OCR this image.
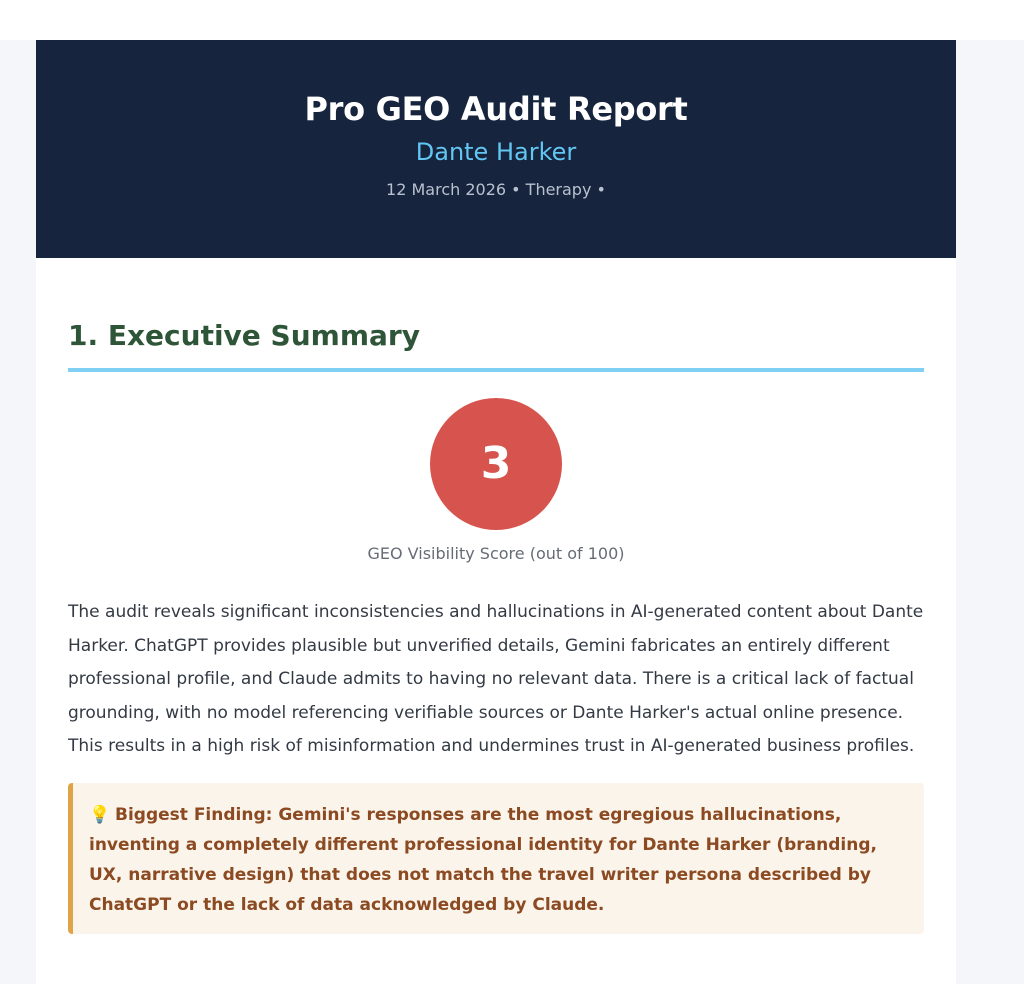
Pro GEO Audit Report
Dante Harker
12 March 2026 • Therapy •
1. Executive Summary
3
GEO Visibility Score (out of 100)

The audit reveals significant inconsistencies and hallucinations in AI-generated content about Dante Harker. ChatGPT provides plausible but unverified details, Gemini fabricates an entirely different professional profile, and Claude admits to having no relevant data. There is a critical lack of factual grounding, with no model referencing verifiable sources or Dante Harker's actual online presence. This results in a high risk of misinformation and undermines trust in AI-generated business profiles.

💡 Biggest Finding: Gemini's responses are the most egregious hallucinations, inventing a completely different professional identity for Dante Harker (branding, UX, narrative design) that does not match the travel writer persona described by ChatGPT or the lack of data acknowledged by Claude.
